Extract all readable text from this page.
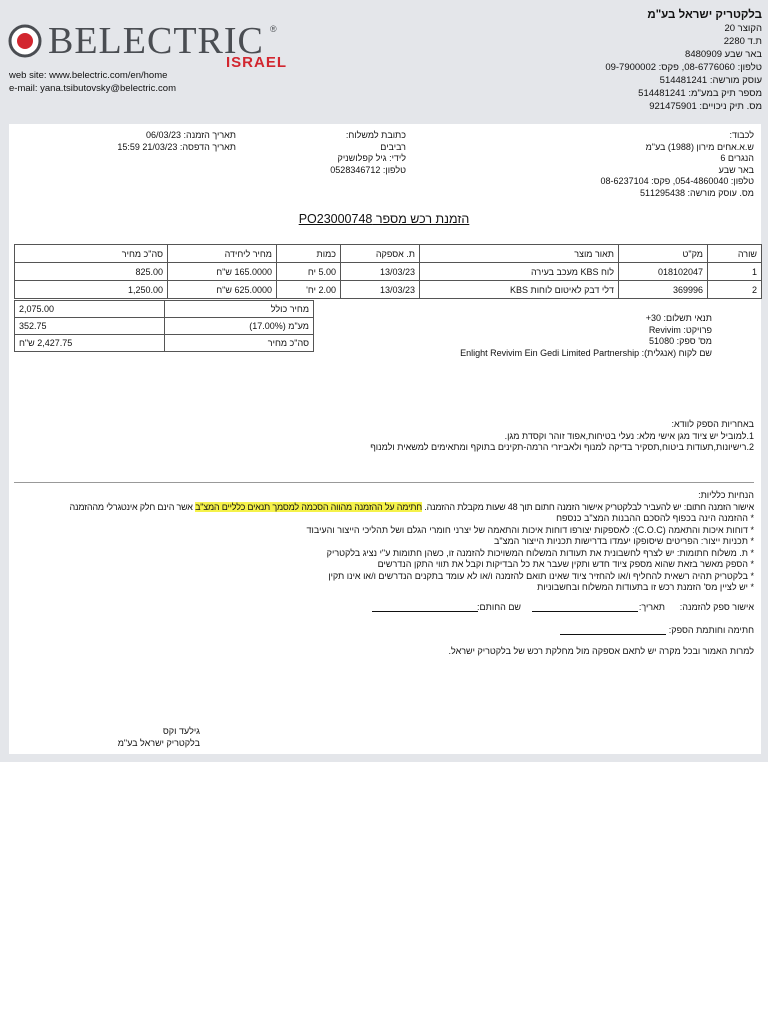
BELECTRIC ®
ISRAEL
web site: www.belectric.com/en/home
e-mail: yana.tsibutovsky@belectric.com
בלקטריק ישראל בע"מ
הקוצר 20
ת.ד 2280
באר שבע 8480909
טלפון: 08-6776060, פקס: 09-7900002
עוסק מורשה: 514481241
מספר תיק במע"מ: 514481241
מס. תיק ניכויים: 921475901
תאריך הזמנה: 06/03/23
תאריך הדפסה: 21/03/23 15:59
כתובת למשלוח:
רביבים
לידי: גיל קפלושניק
טלפון: 0528346712
לכבוד:
ש.א.אחים מירון (1988) בע"מ
הנגרים 6
באר שבע
טלפון: 054-4860040, פקס: 08-6237104
מס. עוסק מורשה: 511295438
הזמנת רכש מספר PO23000748
שורה	מק"ט	תאור מוצר	ת. אספקה	כמות	מחיר ליחידה	סה"כ מחיר
1	018102047	לוח KBS מעכב בעירה	13/03/23	5.00 יח	165.0000 ש"ח	825.00
2	369996	דלי דבק לאיטום לוחות KBS	13/03/23	2.00 יח'	625.0000 ש"ח	1,250.00
מחיר כולל	2,075.00
מע"מ (17.00%)	352.75
סה"כ מחיר	2,427.75 ש"ח
תנאי תשלום: 30+
פרויקט: Revivim
מס' ספק: 51080
שם לקוח (אנגלית): Enlight Revivim Ein Gedi Limited Partnership
באחריות הספק לוודא:
1.למוביל יש ציוד מגן אישי מלא: נעלי בטיחות,אפוד זוהר וקסדת מגן.
2.רישיונות,תעודות ביטוח,תסקיר בדיקה למנוף ולאביזרי הרמה-תקינים בתוקף ומתאימים למשאית ולמנוף
הנחיות כלליות:
אישור הזמנה חתום: יש להעביר לבלקטריק אישור הזמנה חתום תוך 48 שעות מקבלת ההזמנה. חתימה על ההזמנה מהווה הסכמה למסמך תנאים כלליים המצ"ב אשר הינם חלק אינטגרלי מההזמנה
* ההזמנה הינה בכפוף להסכם ההבנות המצ"ב כנספח
* דוחות איכות והתאמה (C.O.C): לאספקות יצורפו דוחות איכות והתאמה של יצרני חומרי הגלם ושל תהליכי הייצור והעיבוד
* תכניות ייצור: הפריטים שיסופקו יעמדו בדרישות תכניות הייצור המצ"ב
* ת. משלוח חתומות: יש לצרף לחשבונית את תעודות המשלוח המשויכות להזמנה זו, כשהן חתומות ע"י נציג בלקטריק
* הספק מאשר בזאת שהוא מספק ציוד חדש ותקין שעבר את כל הבדיקות וקבל את תווי התקן הנדרשים
* בלקטריק תהיה רשאית להחליף ו/או להחזיר ציוד שאינו תואם להזמנה ו/או לא עומד בתקנים הנדרשים ו/או אינו תקין
* יש לציין מס' הזמנת רכש זו בתעודות המשלוח ובחשבוניות
אישור ספק להזמנה:
תאריך:
שם החותם:
חתימה וחותמת הספק:
למרות האמור ובכל מקרה יש לתאם אספקה מול מחלקת רכש של בלקטריק ישראל.
גילעד וקס
בלקטריק ישראל בע"מ
